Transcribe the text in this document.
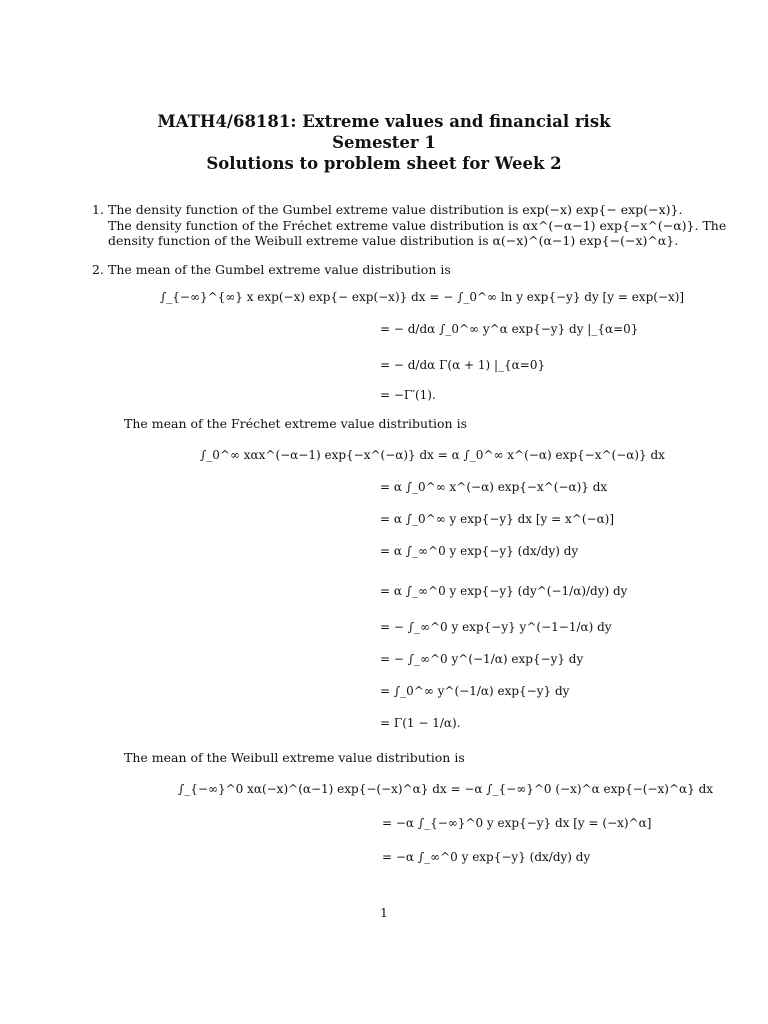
MATH4/68181: Extreme values and financial risk
Semester 1
Solutions to problem sheet for Week 2
1. The density function of the Gumbel extreme value distribution is exp(−x) exp{− exp(−x)}.
The density function of the Fréchet extreme value distribution is αx^(−α−1) exp{−x^(−α)}. The
density function of the Weibull extreme value distribution is α(−x)^(α−1) exp{−(−x)^α}.
2. The mean of the Gumbel extreme value distribution is
∫_{−∞}^{∞} x exp(−x) exp{− exp(−x)} dx = − ∫_0^∞ ln y exp{−y} dy [y = exp(−x)]
= − d/dα ∫_0^∞ y^α exp{−y} dy |_{α=0}
= − d/dα Γ(α + 1) |_{α=0}
= −Γ′(1).
The mean of the Fréchet extreme value distribution is
∫_0^∞ xαx^(−α−1) exp{−x^(−α)} dx = α ∫_0^∞ x^(−α) exp{−x^(−α)} dx
= α ∫_0^∞ x^(−α) exp{−x^(−α)} dx
= α ∫_0^∞ y exp{−y} dx [y = x^(−α)]
= α ∫_∞^0 y exp{−y} (dx/dy) dy
= α ∫_∞^0 y exp{−y} (dy^(−1/α)/dy) dy
= − ∫_∞^0 y exp{−y} y^(−1−1/α) dy
= − ∫_∞^0 y^(−1/α) exp{−y} dy
= ∫_0^∞ y^(−1/α) exp{−y} dy
= Γ(1 − 1/α).
The mean of the Weibull extreme value distribution is
∫_{−∞}^0 xα(−x)^(α−1) exp{−(−x)^α} dx = −α ∫_{−∞}^0 (−x)^α exp{−(−x)^α} dx
= −α ∫_{−∞}^0 y exp{−y} dx [y = (−x)^α]
= −α ∫_∞^0 y exp{−y} (dx/dy) dy
1
